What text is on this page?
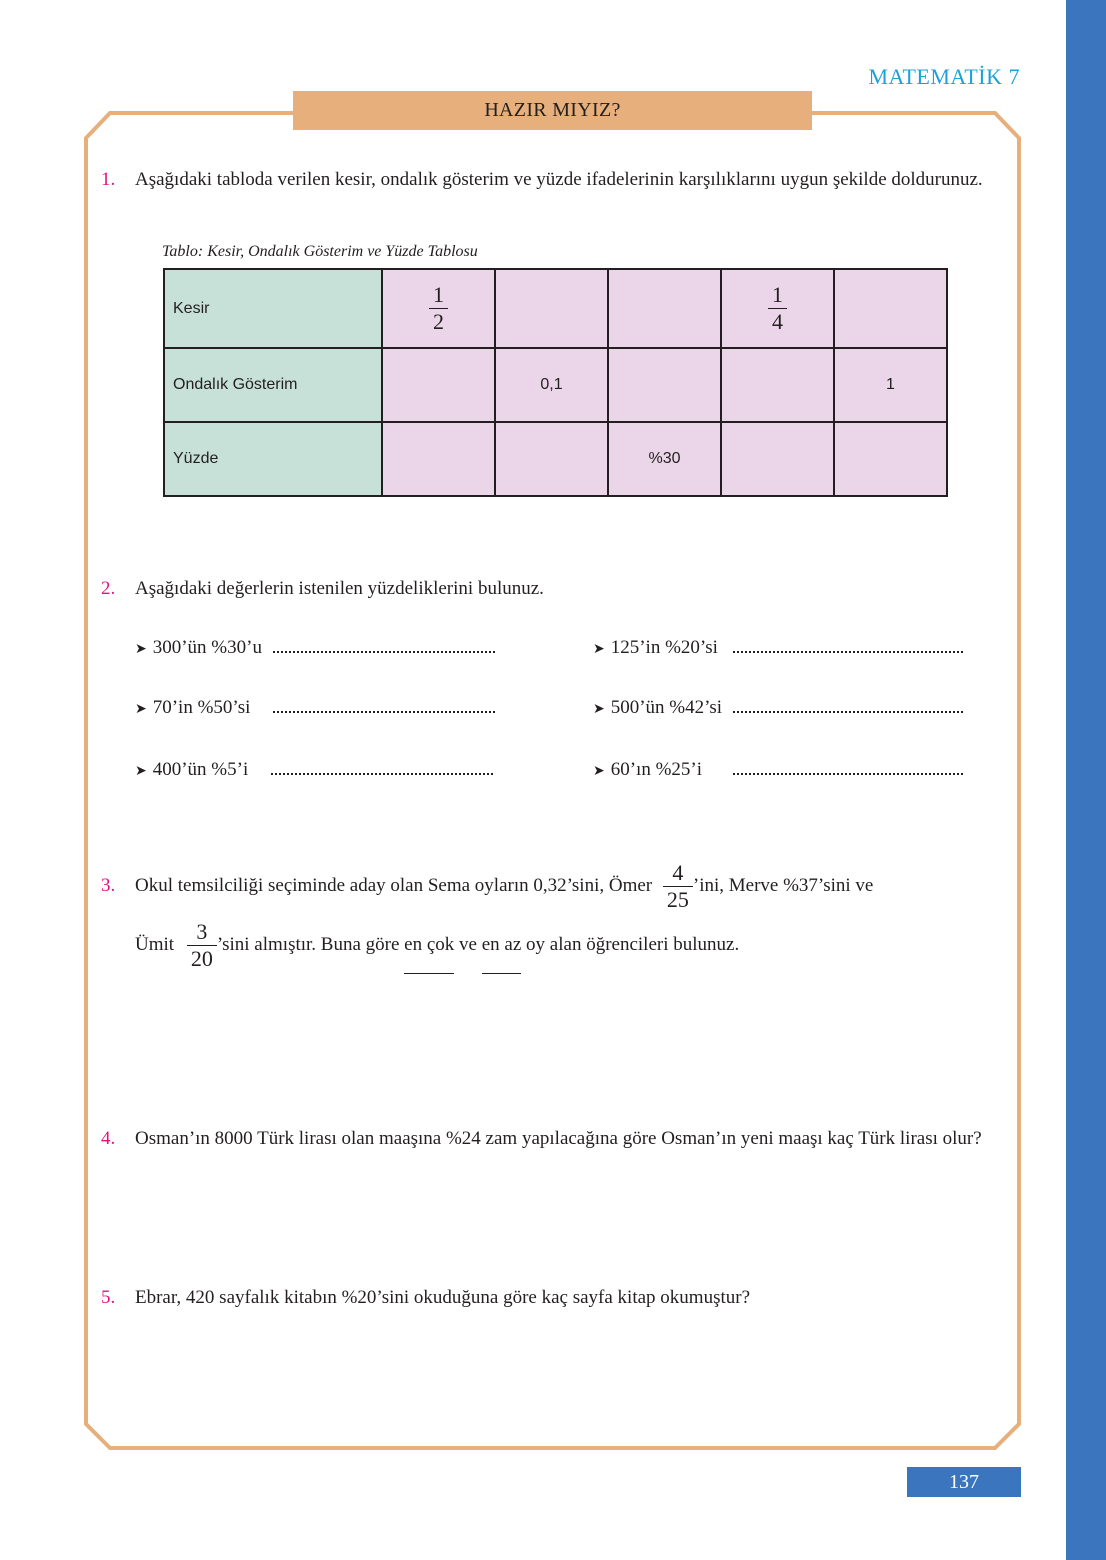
MATEMATİK 7
HAZIR MIYIZ?
1. Aşağıdaki tabloda verilen kesir, ondalık gösterim ve yüzde ifadelerinin karşılıklarını uygun şekilde doldurunuz.
Tablo: Kesir, Ondalık Gösterim ve Yüzde Tablosu
Kesir	$\frac{1}{2}$			$\frac{1}{4}$

Ondalık Gösterim		0,1			1
Yüzde			%30		
2. Aşağıdaki değerlerin istenilen yüzdeliklerini bulunuz.
➤ 300’ün %30’u	➤ 125’in %20’si
➤ 70’in %50’si	➤ 500’ün %42’si
➤ 400’ün %5’i	➤ 60’ın %25’i
3. Okul temsilciliği seçiminde aday olan Sema oyların 0,32’sini, Ömer $\frac{4}{25}$ ’ini, Merve %37’sini ve
Ümit $\frac{3}{20}$ ’sini almıştır. Buna göre en çok ve en az oy alan öğrencileri bulunuz.
4. Osman’ın 8000 Türk lirası olan maaşına %24 zam yapılacağına göre Osman’ın yeni maaşı kaç Türk lirası olur?
5. Ebrar, 420 sayfalık kitabın %20’sini okuduğuna göre kaç sayfa kitap okumuştur?
137
